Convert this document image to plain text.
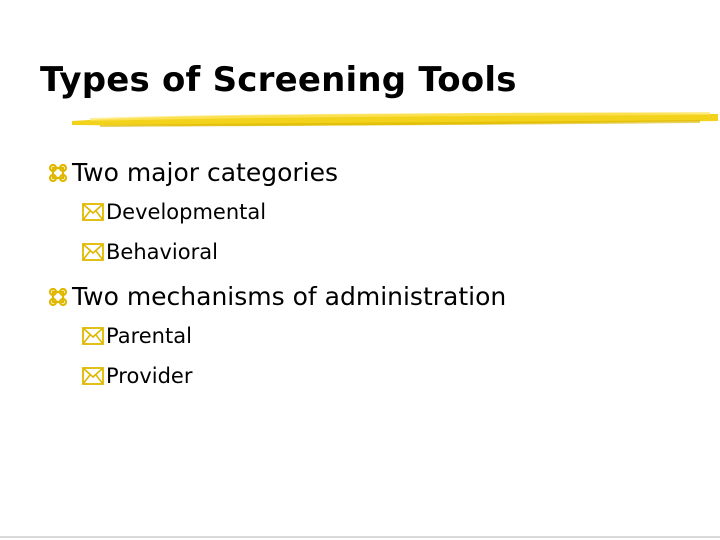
Types of Screening Tools
Two major categories
Developmental
Behavioral
Two mechanisms of administration
Parental
Provider
